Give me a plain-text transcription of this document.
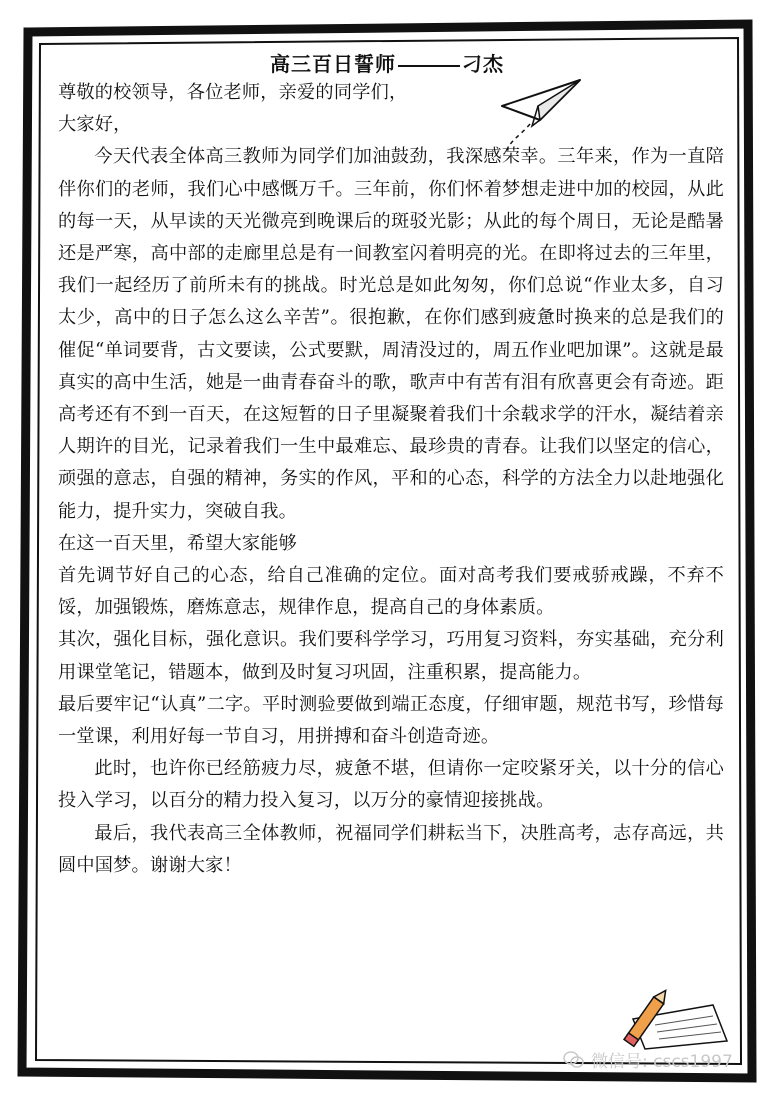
高三百日誓师	刁杰

尊敬的校领导，各位老师，亲爱的同学们，

大家好，

今天代表全体高三教师为同学们加油鼓劲，我深感荣幸。三年来，作为一直陪伴你们的老师，我们心中感慨万千。三年前，你们怀着梦想走进中加的校园，从此的每一天，从早读的天光微亮到晚课后的斑驳光影；从此的每个周日，无论是酷暑还是严寒，高中部的走廊里总是有一间教室闪着明亮的光。在即将过去的三年里，我们一起经历了前所未有的挑战。时光总是如此匆匆，你们总说“作业太多，自习太少，高中的日子怎么这么辛苦”。很抱歉，在你们感到疲惫时换来的总是我们的催促“单词要背，古文要读，公式要默，周清没过的，周五作业吧加课”。这就是最真实的高中生活，她是一曲青春奋斗的歌，歌声中有苦有泪有欣喜更会有奇迹。距高考还有不到一百天，在这短暂的日子里凝聚着我们十余载求学的汗水，凝结着亲人期许的目光，记录着我们一生中最难忘、最珍贵的青春。让我们以坚定的信心，顽强的意志，自强的精神，务实的作风，平和的心态，科学的方法全力以赴地强化能力，提升实力，突破自我。

在这一百天里，希望大家能够

首先调节好自己的心态，给自己准确的定位。面对高考我们要戒骄戒躁，不弃不馁，加强锻炼，磨炼意志，规律作息，提高自己的身体素质。

其次，强化目标，强化意识。我们要科学学习，巧用复习资料，夯实基础，充分利用课堂笔记，错题本，做到及时复习巩固，注重积累，提高能力。

最后要牢记“认真”二字。平时测验要做到端正态度，仔细审题，规范书写，珍惜每一堂课，利用好每一节自习，用拼搏和奋斗创造奇迹。

此时，也许你已经筋疲力尽，疲惫不堪，但请你一定咬紧牙关，以十分的信心投入学习，以百分的精力投入复习，以万分的豪情迎接挑战。

最后，我代表高三全体教师，祝福同学们耕耘当下，决胜高考，志存高远，共圆中国梦。谢谢大家！

微信号: cscs1997
